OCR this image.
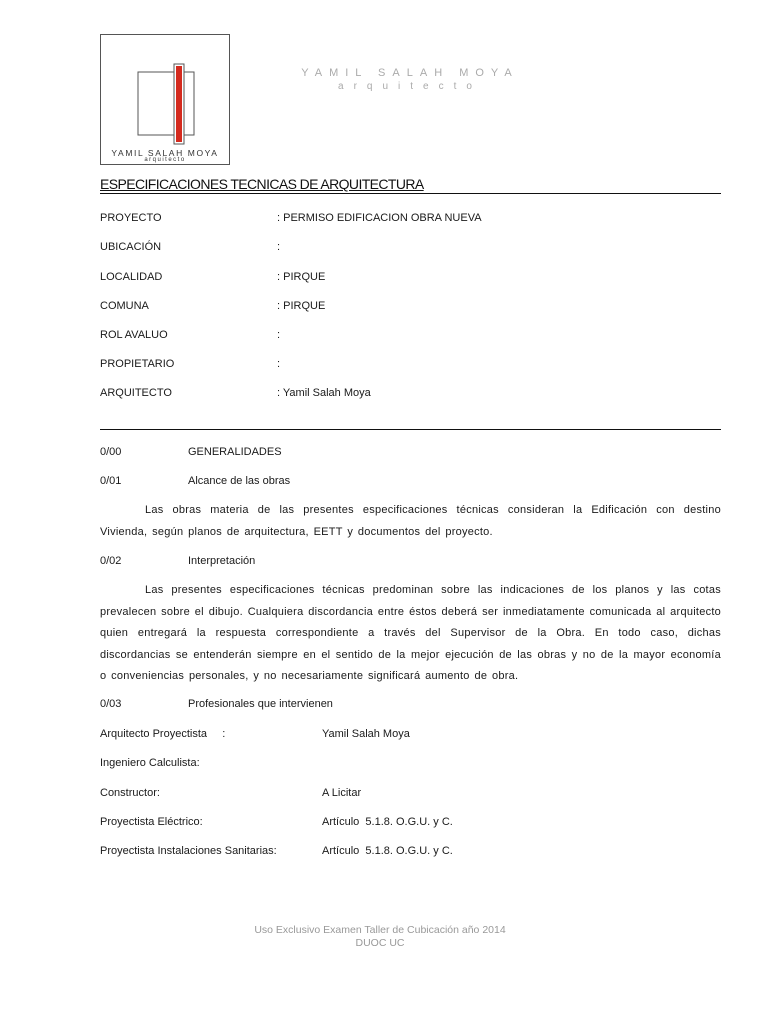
YAMIL SALAH MOYA
arquitecto
YAMIL SALAH MOYA
arquitecto
ESPECIFICACIONES TECNICAS DE ARQUITECTURA
PROYECTO	: PERMISO EDIFICACION OBRA NUEVA
UBICACIÓN	:
LOCALIDAD	: PIRQUE
COMUNA	: PIRQUE
ROL AVALUO	:
PROPIETARIO	:
ARQUITECTO	: Yamil Salah Moya
0/00	GENERALIDADES
0/01	Alcance de las obras
Las obras materia de las presentes especificaciones técnicas consideran la Edificación con destino Vivienda, según planos de arquitectura, EETT y documentos del proyecto.
0/02	Interpretación
Las presentes especificaciones técnicas predominan sobre las indicaciones de los planos y las cotas prevalecen sobre el dibujo. Cualquiera discordancia entre éstos deberá ser inmediatamente comunicada al arquitecto quien entregará la respuesta correspondiente a través del Supervisor de la Obra. En todo caso, dichas discordancias se entenderán siempre en el sentido de la mejor ejecución de las obras y no de la mayor economía o conveniencias personales, y no necesariamente significará aumento de obra.
0/03	Profesionales que intervienen
Arquitecto Proyectista     :	Yamil Salah Moya
Ingeniero Calculista:
Constructor:	A Licitar
Proyectista Eléctrico:	Artículo  5.1.8. O.G.U. y C.
Proyectista Instalaciones Sanitarias:	Artículo  5.1.8. O.G.U. y C.
Uso Exclusivo Examen Taller de Cubicación año 2014
DUOC UC
